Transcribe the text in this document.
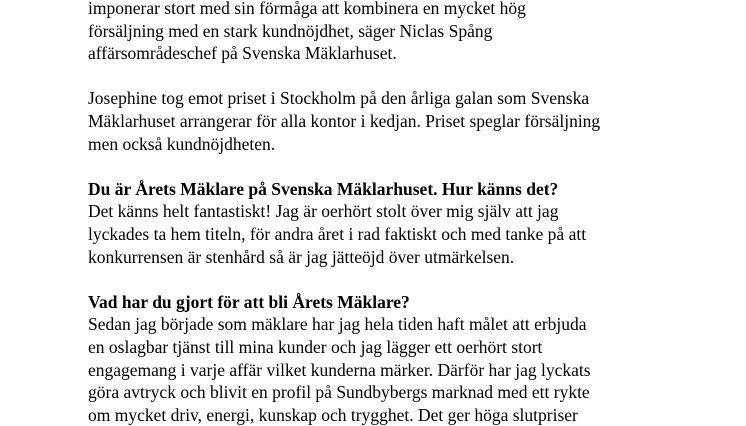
imponerar stort med sin förmåga att kombinera en mycket hög
försäljning med en stark kundnöjdhet, säger Niclas Spång
affärsområdeschef på Svenska Mäklarhuset.
Josephine tog emot priset i Stockholm på den årliga galan som Svenska
Mäklarhuset arrangerar för alla kontor i kedjan. Priset speglar försäljning
men också kundnöjdheten.
Du är Årets Mäklare på Svenska Mäklarhuset. Hur känns det?
Det känns helt fantastiskt! Jag är oerhört stolt över mig själv att jag
lyckades ta hem titeln, för andra året i rad faktiskt och med tanke på att
konkurrensen är stenhård så är jag jätteöjd över utmärkelsen.
Vad har du gjort för att bli Årets Mäklare?
Sedan jag började som mäklare har jag hela tiden haft målet att erbjuda
en oslagbar tjänst till mina kunder och jag lägger ett oerhört stort
engagemang i varje affär vilket kunderna märker. Därför har jag lyckats
göra avtryck och blivit en profil på Sundbybergs marknad med ett rykte
om mycket driv, energi, kunskap och trygghet. Det ger höga slutpriser
